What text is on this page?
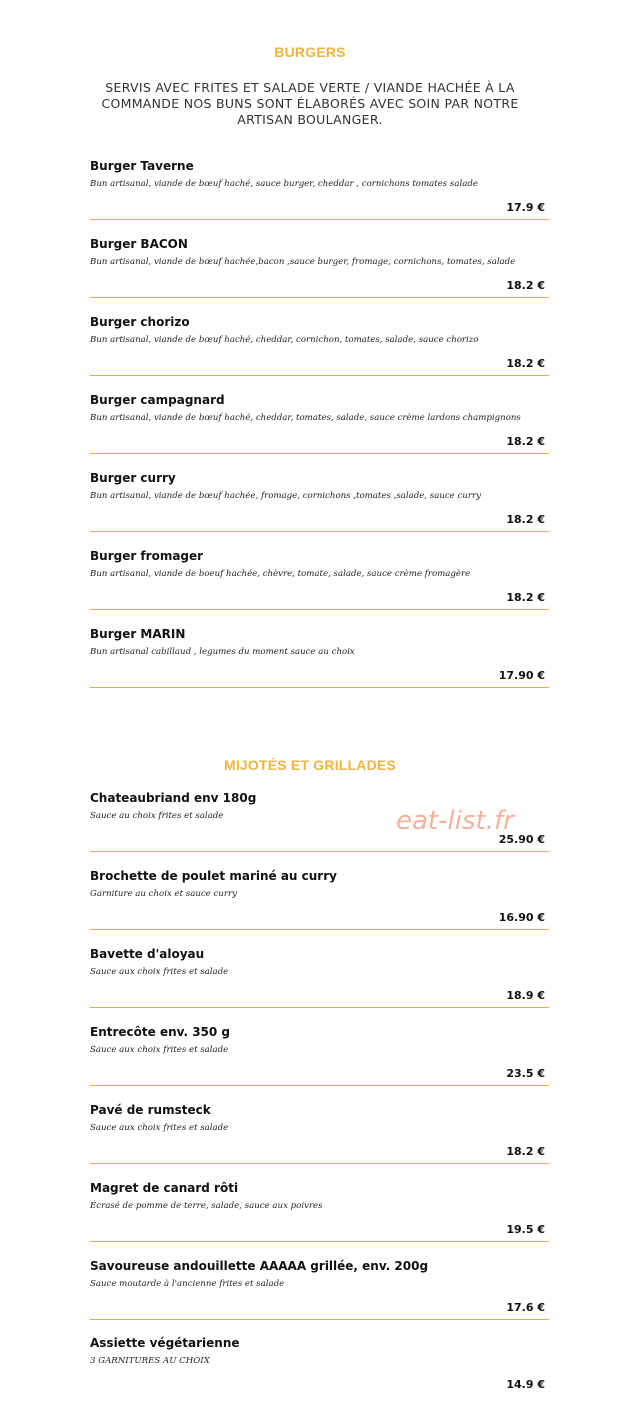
BURGERS
SERVIS AVEC FRITES ET SALADE VERTE / VIANDE HACHÉE À LA COMMANDE NOS BUNS SONT ÉLABORÉS AVEC SOIN PAR NOTRE ARTISAN BOULANGER.
Burger Taverne
Bun artisanal, viande de bœuf haché, sauce burger, cheddar , cornichons tomates salade
17.9 €
Burger BACON
Bun artisanal, viande de bœuf hachée,bacon ,sauce burger, fromage, cornichons, tomates, salade
18.2 €
Burger chorizo
Bun artisanal, viande de bœuf haché, cheddar, cornichon, tomates, salade, sauce chorizo
18.2 €
Burger campagnard
Bun artisanal, viande de bœuf haché, cheddar, tomates, salade, sauce crème lardons champignons
18.2 €
Burger curry
Bun artisanal, viande de bœuf hachée, fromage, cornichons ,tomates ,salade, sauce curry
18.2 €
Burger fromager
Bun artisanal, viande de boeuf hachée, chèvre, tomate, salade, sauce crème fromagère
18.2 €
Burger MARIN
Bun artisanal cabillaud , legumes du moment sauce au choix
17.90 €
MIJOTÉS ET GRILLADES
Chateaubriand env 180g
Sauce au choix frites et salade
25.90 €
Brochette de poulet mariné au curry
Garniture au choix et sauce curry
16.90 €
Bavette d'aloyau
Sauce aux choix frites et salade
18.9 €
Entrecôte env. 350 g
Sauce aux choix frites et salade
23.5 €
Pavé de rumsteck
Sauce aux choix frites et salade
18.2 €
Magret de canard rôti
Écrasé de pomme de terre, salade, sauce aux poivres
19.5 €
Savoureuse andouillette AAAAA grillée, env. 200g
Sauce moutarde à l'ancienne frites et salade
17.6 €
Assiette végétarienne
3 GARNITURES AU CHOIX
14.9 €
eat-list.fr
